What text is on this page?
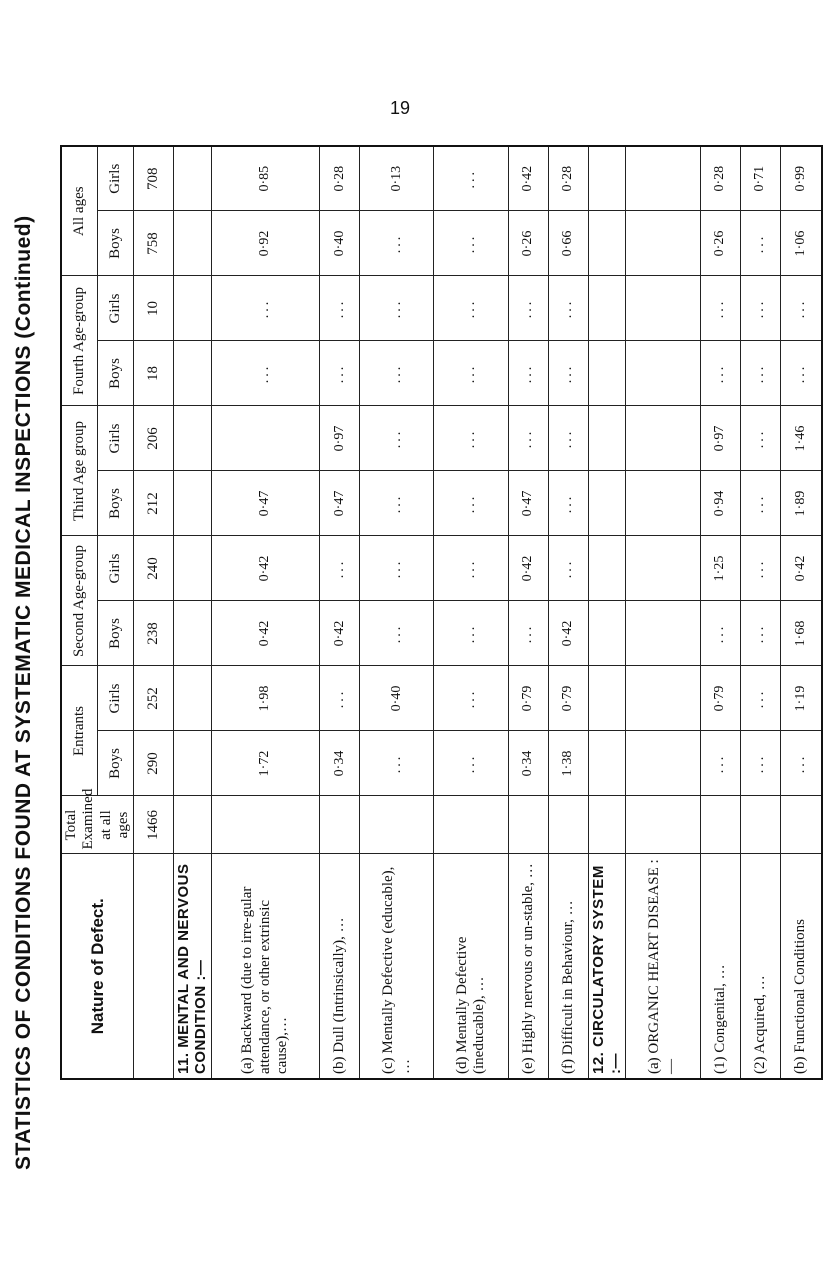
19
STATISTICS OF CONDITIONS FOUND AT SYSTEMATIC MEDICAL INSPECTIONS (Continued)	Nature of Defect.	Total Examined at all ages	Entrants		Second Age-group		Third Age group		Fourth Age-group		All ages	
		Boys	Girls	Boys	Girls	Boys	Girls	Boys	Girls	Boys	Girls
	1466	290	252	238	240	212	206	18	10	758	708
11. MENTAL AND NERVOUS CONDITION :—											
(a) Backward (due to irre-gular attendance, or other extrinsic cause),…		1·72	1·98	0·42	0·42	0·47		...	...	0·92	0·85
(b) Dull (Intrinsically), …		0·34	...	0·42	...	0·47	0·97	...	...	0·40	0·28
(c) Mentally Defective (educable), …		...	0·40	...	...	...	...	...	...	...	0·13
(d) Mentally Defective (ineducable), …		...	...	...	...	...	...	...	...	...	...
(e) Highly nervous or un-stable, …		0·34	0·79	...	0·42	0·47	...	...	...	0·26	0·42
(f) Difficult in Behaviour, …		1·38	0·79	0·42	...	...	...	...	...	0·66	0·28
12. CIRCULATORY SYSTEM :—											
(a) ORGANIC HEART DISEASE :—											
(1) Congenital, …		...	0·79	...	1·25	0·94	0·97	...	...	0·26	0·28
(2) Acquired, …		...	...	...	...	...	...	...	...	...	0·71
(b) Functional Conditions		...	1·19	1·68	0·42	1·89	1·46	...	...	1·06	0·99
